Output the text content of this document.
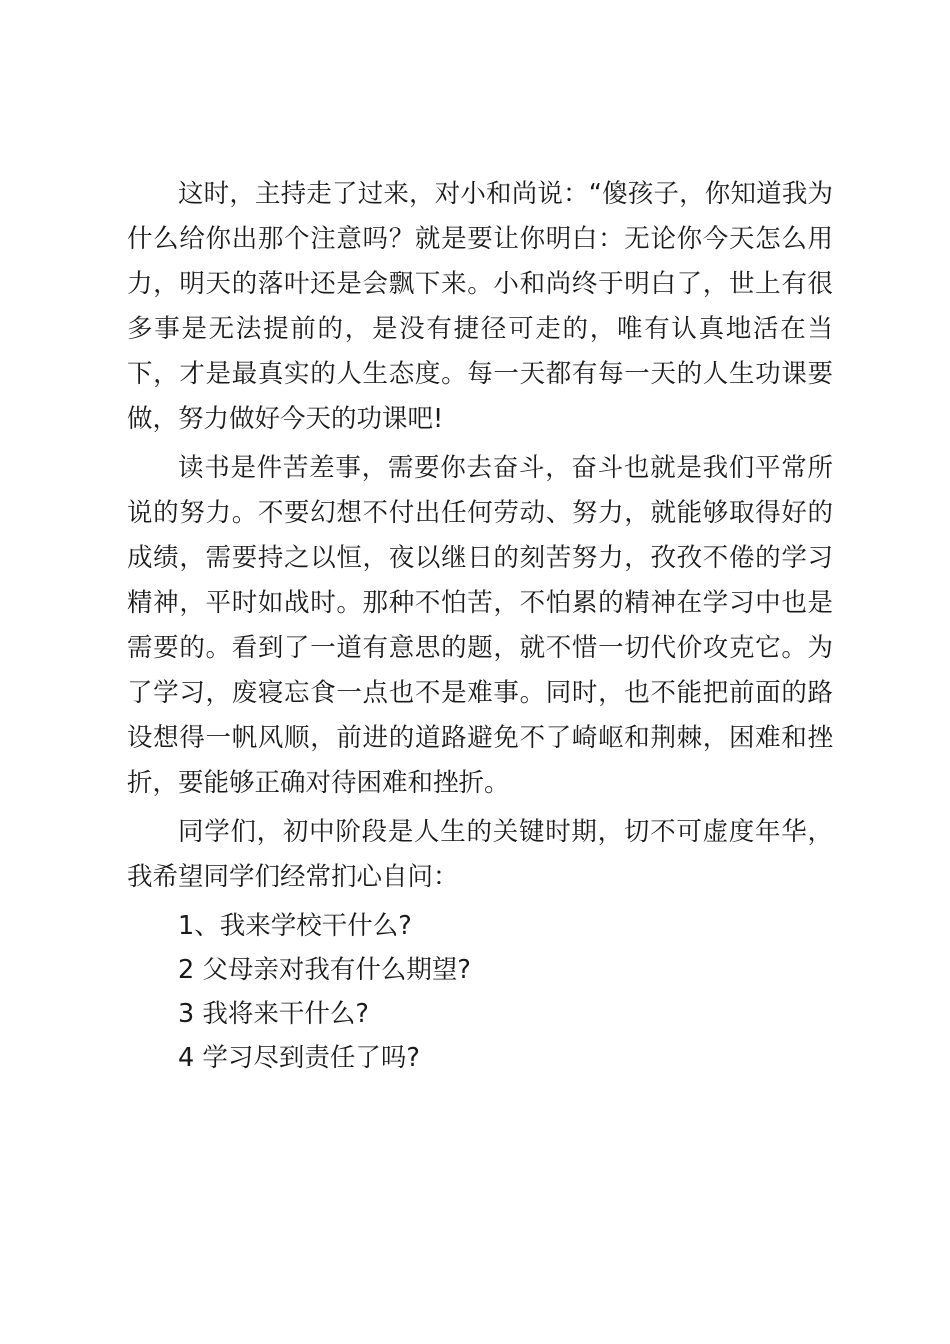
这时，主持走了过来，对小和尚说：“傻孩子，你知道我为什么给你出那个注意吗？就是要让你明白：无论你今天怎么用力，明天的落叶还是会飘下来。小和尚终于明白了，世上有很多事是无法提前的，是没有捷径可走的，唯有认真地活在当下，才是最真实的人生态度。每一天都有每一天的人生功课要做，努力做好今天的功课吧!

读书是件苦差事，需要你去奋斗，奋斗也就是我们平常所说的努力。不要幻想不付出任何劳动、努力，就能够取得好的成绩，需要持之以恒，夜以继日的刻苦努力，孜孜不倦的学习精神，平时如战时。那种不怕苦，不怕累的精神在学习中也是需要的。看到了一道有意思的题，就不惜一切代价攻克它。为了学习，废寝忘食一点也不是难事。同时，也不能把前面的路设想得一帆风顺，前进的道路避免不了崎岖和荆棘，困难和挫折，要能够正确对待困难和挫折。

同学们，初中阶段是人生的关键时期，切不可虚度年华，我希望同学们经常扪心自问：

1、我来学校干什么?
2 父母亲对我有什么期望?
3 我将来干什么?
4 学习尽到责任了吗?
